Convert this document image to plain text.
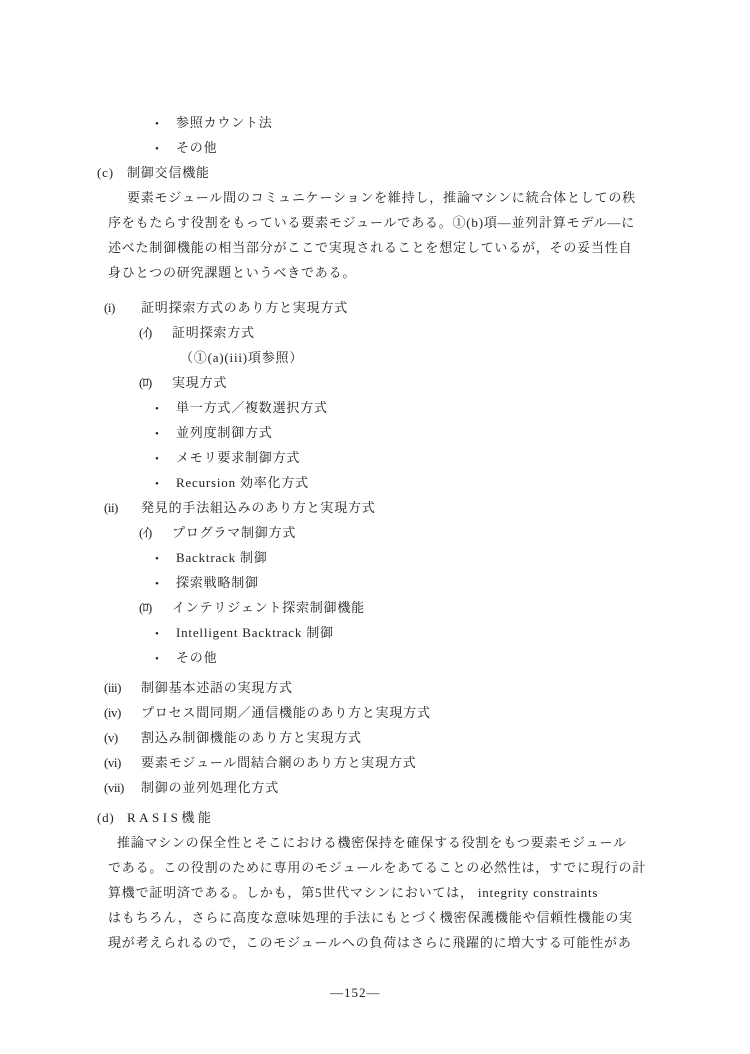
• 参照カウント法
• その他
(c) 制御交信機能
要素モジュール間のコミュニケーションを維持し，推論マシンに統合体としての秩
序をもたらす役割をもっている要素モジュールである。①(b)項—並列計算モデル—に
述べた制御機能の相当部分がここで実現されることを想定しているが，その妥当性自
身ひとつの研究課題というべきである。
(i) 証明探索方式のあり方と実現方式
(ｲ) 証明探索方式
（①(a)(iii)項参照）
(ﾛ) 実現方式
• 単一方式／複数選択方式
• 並列度制御方式
• メモリ要求制御方式
• Recursion 効率化方式
(ii) 発見的手法組込みのあり方と実現方式
(ｲ) プログラマ制御方式
• Backtrack 制御
• 探索戦略制御
(ﾛ) インテリジェント探索制御機能
• Intelligent Backtrack 制御
• その他
(iii) 制御基本述語の実現方式
(iv) プロセス間同期／通信機能のあり方と実現方式
(v) 割込み制御機能のあり方と実現方式
(vi) 要素モジュール間結合網のあり方と実現方式
(vii) 制御の並列処理化方式
(d) RASIS機能
推論マシンの保全性とそこにおける機密保持を確保する役割をもつ要素モジュール
である。この役割のために専用のモジュールをあてることの必然性は，すでに現行の計
算機で証明済である。しかも，第5世代マシンにおいては， integrity constraints
はもちろん，さらに高度な意味処理的手法にもとづく機密保護機能や信頼性機能の実
現が考えられるので，このモジュールへの負荷はさらに飛躍的に増大する可能性があ
—152—
